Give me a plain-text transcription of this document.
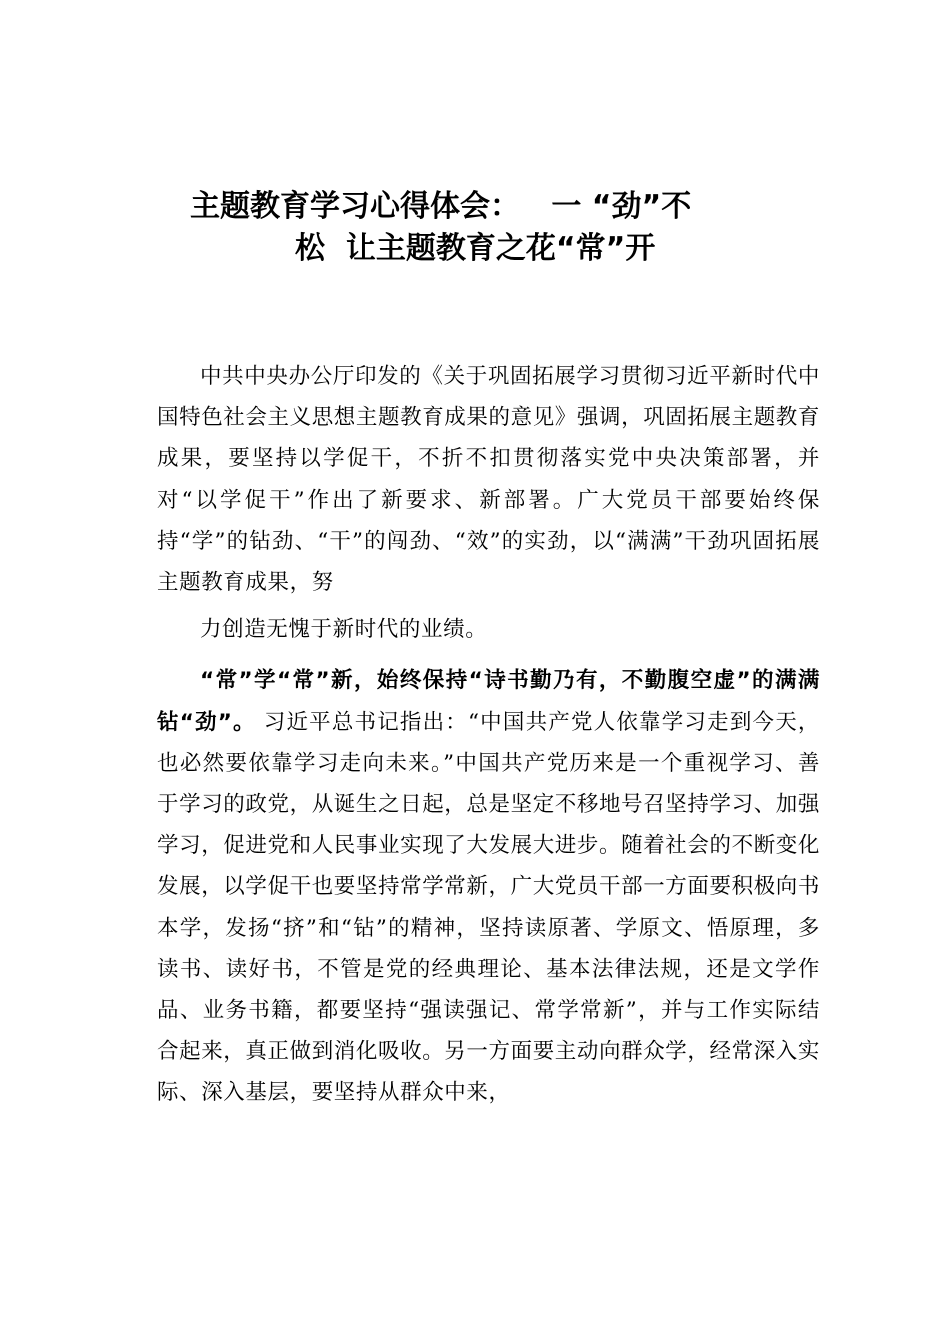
主题教育学习心得体会：   一 “劲”不
松  让主题教育之花“常”开

中共中央办公厅印发的《关于巩固拓展学习贯彻习近平新时代中国特色社会主义思想主题教育成果的意见》强调，巩固拓展主题教育成果，要坚持以学促干，不折不扣贯彻落实党中央决策部署，并对“以学促干”作出了新要求、新部署。广大党员干部要始终保持“学”的钻劲、“干”的闯劲、“效”的实劲，以“满满”干劲巩固拓展主题教育成果，努
力创造无愧于新时代的业绩。

“常”学“常”新，始终保持“诗书勤乃有，不勤腹空虚”的满满钻“劲”。 习近平总书记指出：“中国共产党人依靠学习走到今天，也必然要依靠学习走向未来。”中国共产党历来是一个重视学习、善于学习的政党，从诞生之日起，总是坚定不移地号召坚持学习、加强学习，促进党和人民事业实现了大发展大进步。随着社会的不断变化发展，以学促干也要坚持常学常新，广大党员干部一方面要积极向书本学，发扬“挤”和“钻”的精神，坚持读原著、学原文、悟原理，多读书、读好书，不管是党的经典理论、基本法律法规，还是文学作品、业务书籍，都要坚持“强读强记、常学常新”，并与工作实际结合起来，真正做到消化吸收。另一方面要主动向群众学，经常深入实际、深入基层，要坚持从群众中来，
